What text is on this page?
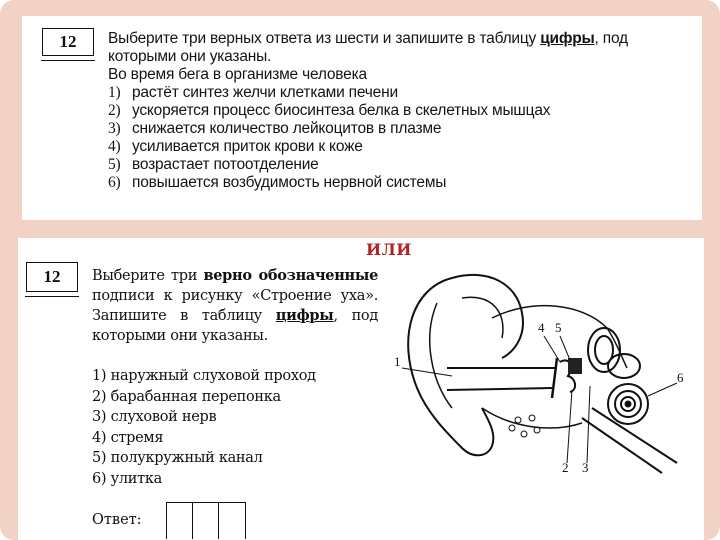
12 Выберите три верных ответа из шести и запишите в таблицу цифры, под которыми они указаны.
Во время бега в организме человека
1) растёт синтез желчи клетками печени
2) ускоряется процесс биосинтеза белка в скелетных мышцах
3) снижается количество лейкоцитов в плазме
4) усиливается приток крови к коже
5) возрастает потоотделение
6) повышается возбудимость нервной системы
ИЛИ
12 Выберите три верно обозначенные подписи к рисунку «Строение уха». Запишите в таблицу цифры, под которыми они указаны.
1) наружный слуховой проход
2) барабанная перепонка
3) слуховой нерв
4) стремя
5) полукружный канал
6) улитка
Ответ:
1
2 3
4 5
6
